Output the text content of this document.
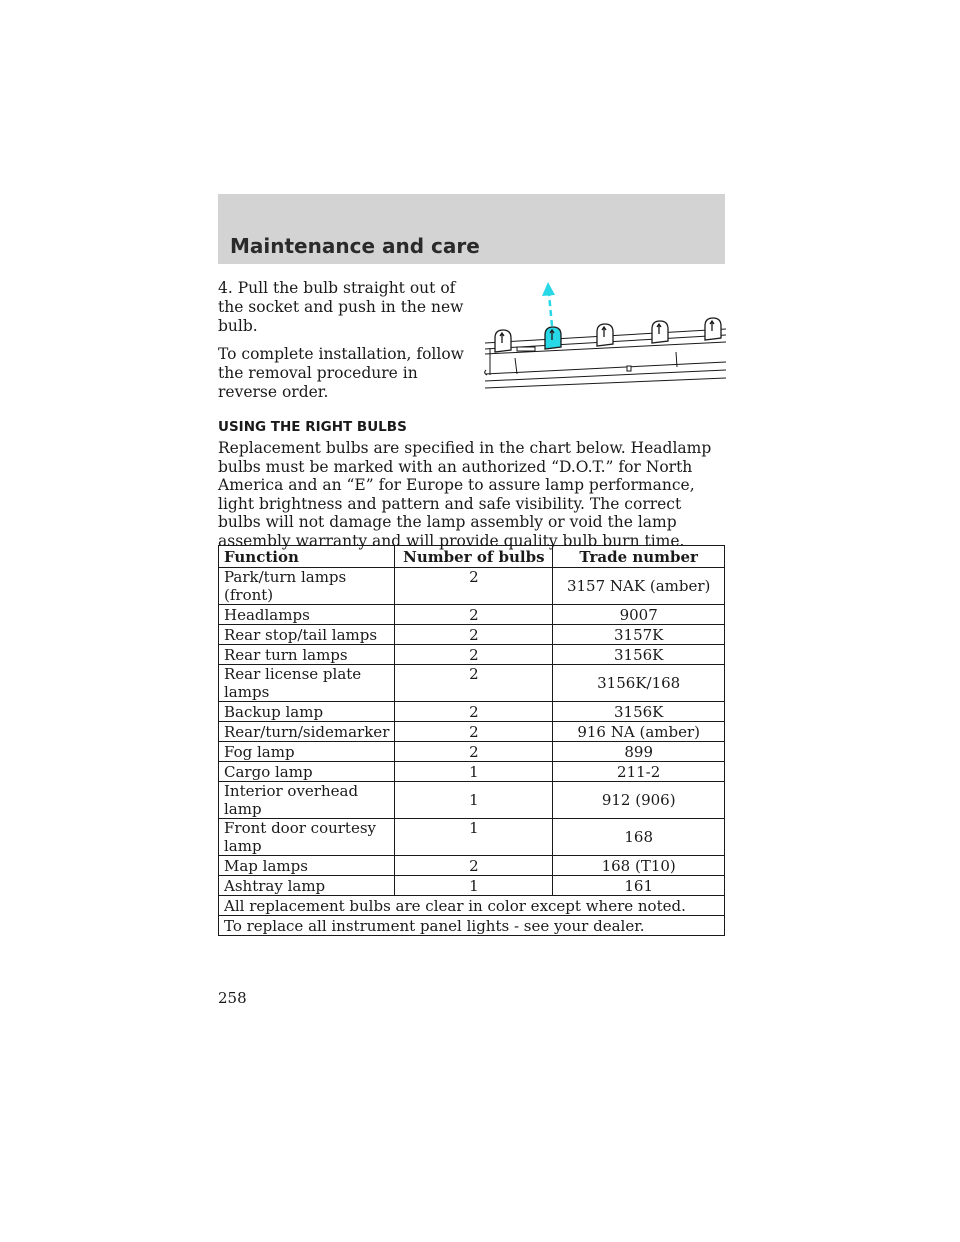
Maintenance and care

4. Pull the bulb straight out of the socket and push in the new bulb.

To complete installation, follow the removal procedure in reverse order.

USING THE RIGHT BULBS
Replacement bulbs are specified in the chart below. Headlamp bulbs must be marked with an authorized “D.O.T.” for North America and an “E” for Europe to assure lamp performance, light brightness and pattern and safe visibility. The correct bulbs will not damage the lamp assembly or void the lamp assembly warranty and will provide quality bulb burn time.
Function	Number of bulbs	Trade number
Park/turn lamps (front)	2	3157 NAK (amber)
Headlamps	2	9007
Rear stop/tail lamps	2	3157K
Rear turn lamps	2	3156K
Rear license plate lamps	2	3156K/168
Backup lamp	2	3156K
Rear/turn/sidemarker	2	916 NA (amber)
Fog lamp	2	899
Cargo lamp	1	211-2
Interior overhead lamp	1	912 (906)
Front door courtesy lamp	1	168
Map lamps	2	168 (T10)
Ashtray lamp	1	161
All replacement bulbs are clear in color except where noted.		
To replace all instrument panel lights - see your dealer.		
258
